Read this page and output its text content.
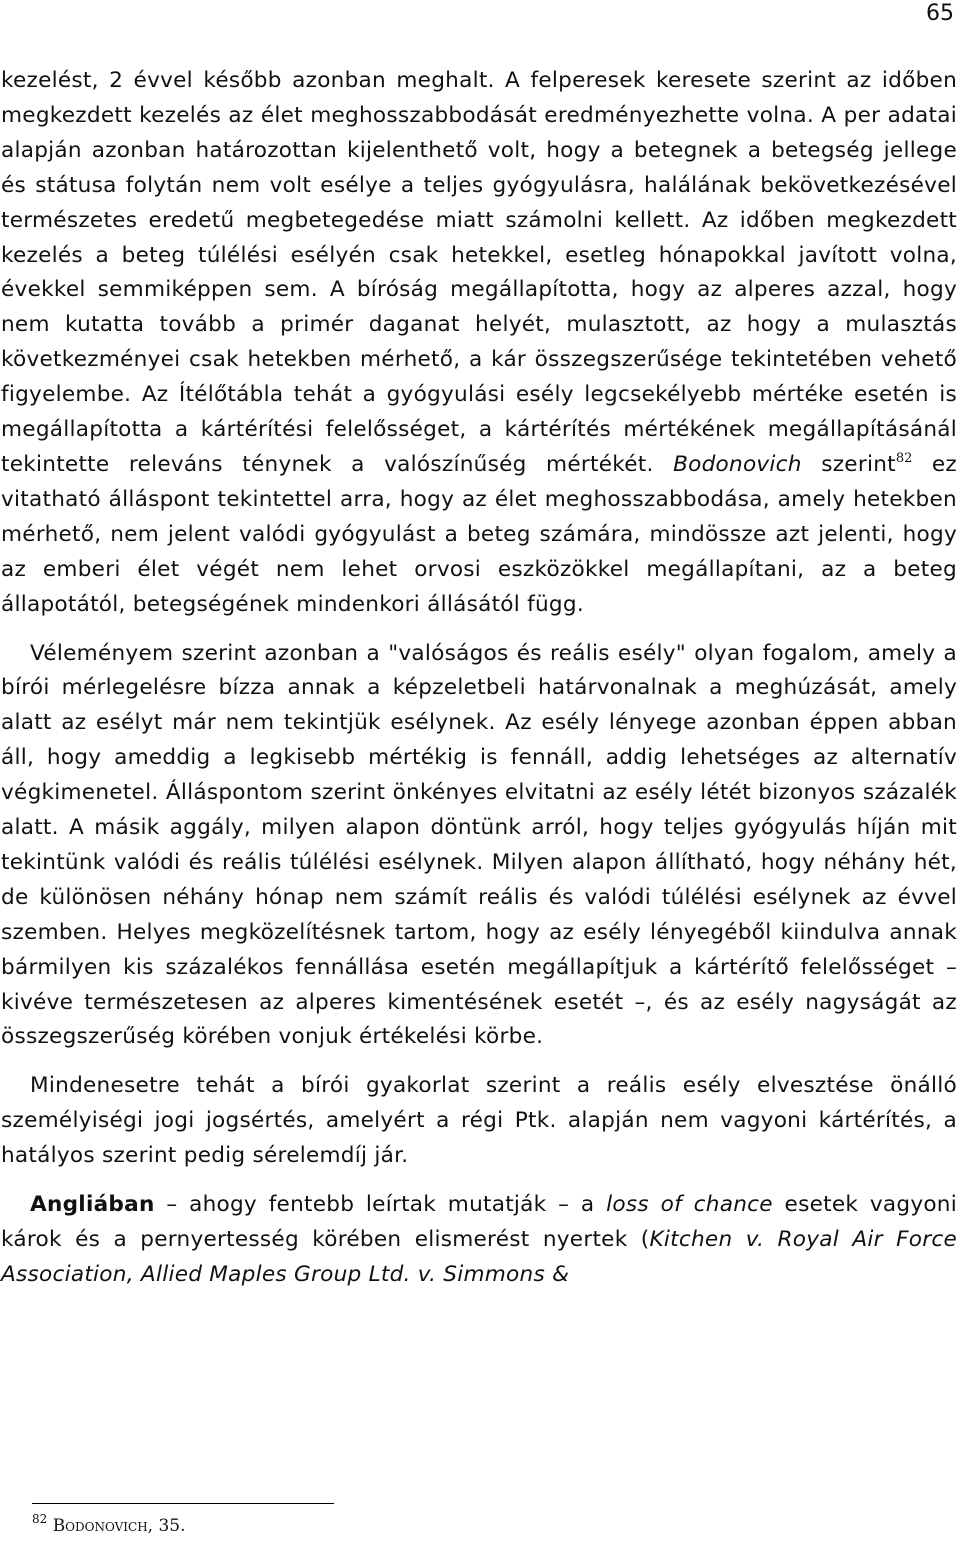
65

kezelést, 2 évvel később azonban meghalt. A felperesek keresete szerint az időben megkezdett kezelés az élet meghosszabbodását eredményezhette volna. A per adatai alapján azonban határozottan kijelenthető volt, hogy a betegnek a betegség jellege és státusa folytán nem volt esélye a teljes gyógyulásra, halálának bekövetkezésével természetes eredetű megbetegedése miatt számolni kellett. Az időben megkezdett kezelés a beteg túlélési esélyén csak hetekkel, esetleg hónapokkal javított volna, évekkel semmiképpen sem. A bíróság megállapította, hogy az alperes azzal, hogy nem kutatta tovább a primér daganat helyét, mulasztott, az hogy a mulasztás következményei csak hetekben mérhető, a kár összegszerűsége tekintetében vehető figyelembe. Az Ítélőtábla tehát a gyógyulási esély legcsekélyebb mértéke esetén is megállapította a kártérítési felelősséget, a kártérítés mértékének megállapításánál tekintette releváns ténynek a valószínűség mértékét. Bodonovich szerint$^{82}$ ez vitatható álláspont tekintettel arra, hogy az élet meghosszabbodása, amely hetekben mérhető, nem jelent valódi gyógyulást a beteg számára, mindössze azt jelenti, hogy az emberi élet végét nem lehet orvosi eszközökkel megállapítani, az a beteg állapotától, betegségének mindenkori állásától függ.

Véleményem szerint azonban a "valóságos és reális esély" olyan fogalom, amely a bírói mérlegelésre bízza annak a képzeletbeli határvonalnak a meghúzását, amely alatt az esélyt már nem tekintjük esélynek. Az esély lényege azonban éppen abban áll, hogy ameddig a legkisebb mértékig is fennáll, addig lehetséges az alternatív végkimenetel. Álláspontom szerint önkényes elvitatni az esély létét bizonyos százalék alatt. A másik aggály, milyen alapon döntünk arról, hogy teljes gyógyulás híján mit tekintünk valódi és reális túlélési esélynek. Milyen alapon állítható, hogy néhány hét, de különösen néhány hónap nem számít reális és valódi túlélési esélynek az évvel szemben. Helyes megközelítésnek tartom, hogy az esély lényegéből kiindulva annak bármilyen kis százalékos fennállása esetén megállapítjuk a kártérítő felelősséget – kivéve természetesen az alperes kimentésének esetét –, és az esély nagyságát az összegszerűség körében vonjuk értékelési körbe.

Mindenesetre tehát a bírói gyakorlat szerint a reális esély elvesztése önálló személyiségi jogi jogsértés, amelyért a régi Ptk. alapján nem vagyoni kártérítés, a hatályos szerint pedig sérelemdíj jár.

Angliában – ahogy fentebb leírtak mutatják – a loss of chance esetek vagyoni károk és a pernyertesség körében elismerést nyertek (Kitchen v. Royal Air Force Association, Allied Maples Group Ltd. v. Simmons &

$^{82}$ Bodonovich, 35.
